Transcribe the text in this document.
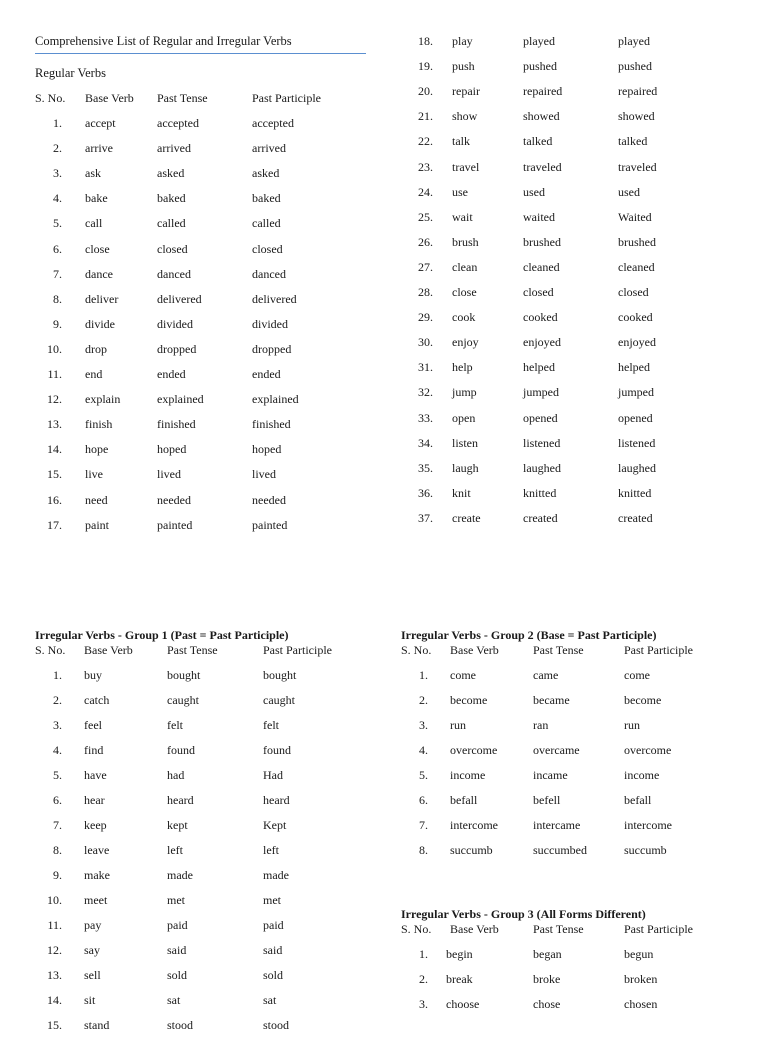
Comprehensive List of Regular and Irregular Verbs
Regular Verbs
S. No. Base Verb Past Tense	Past Participle
1. accept	accepted	accepted
2. arrive	arrived	arrived
3. ask	asked	asked
4. bake	baked	baked
5. call	called	called
6. close	closed	closed
7. dance	danced	danced
8. deliver	delivered	delivered
9. divide	divided	divided
10. drop	dropped	dropped
11. end	ended	ended
12. explain	explained	explained
13. finish	finished	finished
14. hope	hoped	hoped
15. live	lived	lived
16. need	needed	needed
17. paint	painted	painted
18. play	played	played
19. push	pushed	pushed
20. repair	repaired	repaired
21. show	showed	showed
22. talk	talked	talked
23. travel	traveled	traveled
24. use	used	used
25. wait	waited	Waited
26. brush	brushed	brushed
27. clean	cleaned	cleaned
28. close	closed	closed
29. cook	cooked	cooked
30. enjoy	enjoyed	enjoyed
31. help	helped	helped
32. jump	jumped	jumped
33. open	opened	opened
34. listen	listened	listened
35. laugh	laughed	laughed
36. knit	knitted	knitted
37. create	created	created
Irregular Verbs - Group 1 (Past = Past Participle)
S. No. Base Verb	Past Tense	Past Participle
1. buy	bought	bought
2. catch	caught	caught
3. feel	felt	felt
4. find	found	found
5. have	had	Had
6. hear	heard	heard
7. keep	kept	Kept
8. leave	left	left
9. make	made	made
10. meet	met	met
11. pay	paid	paid
12. say	said	said
13. sell	sold	sold
14. sit	sat	sat
15. stand	stood	stood
Irregular Verbs - Group 2 (Base = Past Participle)
S. No. Base Verb	Past Tense	Past Participle
1. come	came	come
2. become	became	become
3. run	ran	run
4. overcome	overcame	overcome
5. income	incame	income
6. befall	befell	befall
7. intercome	intercame	intercome
8. succumb	succumbed	succumb
Irregular Verbs - Group 3 (All Forms Different)
S. No. Base Verb	Past Tense	Past Participle
1. begin	began	begun
2. break	broke	broken
3. choose	chose	chosen
